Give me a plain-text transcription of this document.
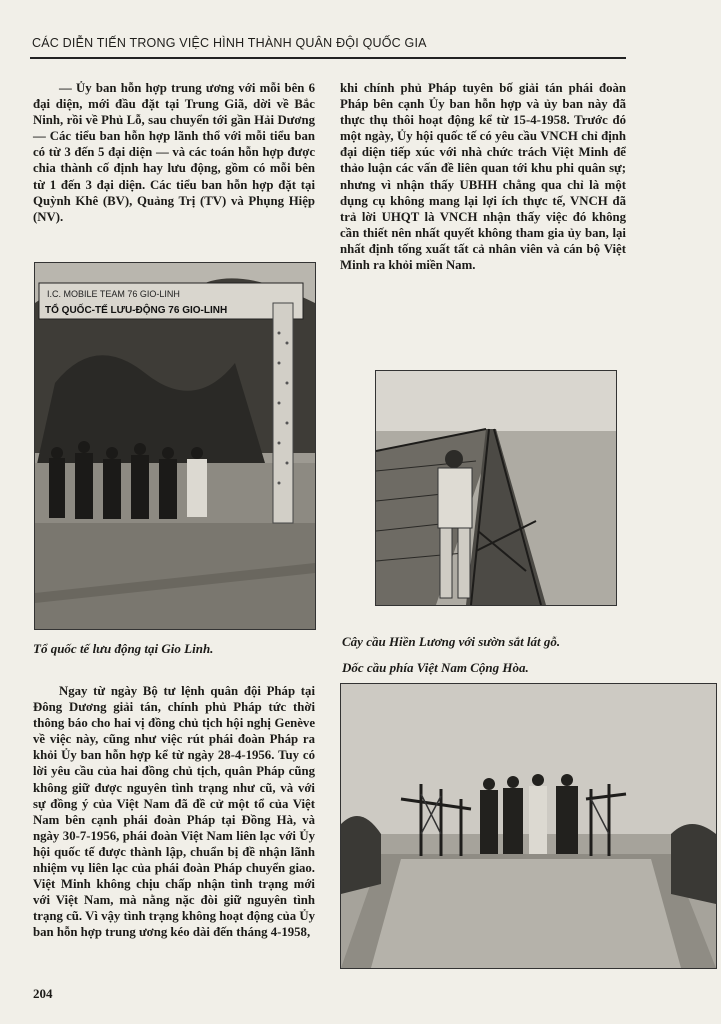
CÁC DIỄN TIẾN TRONG VIỆC HÌNH THÀNH QUÂN ĐỘI QUỐC GIA

— Ủy ban hỗn hợp trung ương với mỗi bên 6 đại diện, mới đầu đặt tại Trung Giã, dời về Bắc Ninh, rồi về Phủ Lỗ, sau chuyển tới gần Hải Dương — Các tiểu ban hỗn hợp lãnh thổ với mỗi tiểu ban có từ 3 đến 5 đại diện — và các toán hỗn hợp được chia thành cố định hay lưu động, gồm có mỗi bên từ 1 đến 3 đại diện. Các tiểu ban hỗn hợp đặt tại Quỳnh Khê (BV), Quảng Trị (TV) và Phụng Hiệp (NV).

khi chính phủ Pháp tuyên bố giải tán phái đoàn Pháp bên cạnh Ủy ban hỗn hợp và ủy ban này đã thực thụ thôi hoạt động kể từ 15-4-1958. Trước đó một ngày, Ủy hội quốc tế có yêu cầu VNCH chỉ định đại diện tiếp xúc với nhà chức trách Việt Minh để thảo luận các vấn đề liên quan tới khu phi quân sự; nhưng vì nhận thấy UBHH chẳng qua chỉ là một dụng cụ không mang lại lợi ích thực tế, VNCH đã trả lời UHQT là VNCH nhận thấy việc đó không cần thiết nên nhất quyết không tham gia ủy ban, lại nhất định tống xuất tất cả nhân viên và cán bộ Việt Minh ra khỏi miền Nam.

I.C. MOBILE TEAM 76 GIO-LINH
TỔ QUỐC-TẾ LƯU-ĐỘNG 76 GIO-LINH
Tổ quốc tế lưu động tại Gio Linh.	Cây cầu Hiền Lương với sườn sắt lát gỗ.
Dốc cầu phía Việt Nam Cộng Hòa.

Ngay từ ngày Bộ tư lệnh quân đội Pháp tại Đông Dương giải tán, chính phủ Pháp tức thời thông báo cho hai vị đồng chủ tịch hội nghị Genève về việc này, cũng như việc rút phái đoàn Pháp ra khỏi Ủy ban hỗn hợp kể từ ngày 28-4-1956. Tuy có lời yêu cầu của hai đồng chủ tịch, quân Pháp cũng không giữ được nguyên tình trạng như cũ, và với sự đồng ý của Việt Nam đã đề cử một tổ của Việt Nam bên cạnh phái đoàn Pháp tại Đồng Hà, và ngày 30-7-1956, phái đoàn Việt Nam liên lạc với Ủy hội quốc tế được thành lập, chuẩn bị đề nhận lãnh nhiệm vụ liên lạc của phái đoàn Pháp chuyển giao. Việt Minh không chịu chấp nhận tình trạng mới với Việt Nam, mà nằng nặc đòi giữ nguyên tình trạng cũ. Vì vậy tình trạng không hoạt động của Ủy ban hỗn hợp trung ương kéo dài đến tháng 4-1958,

204
